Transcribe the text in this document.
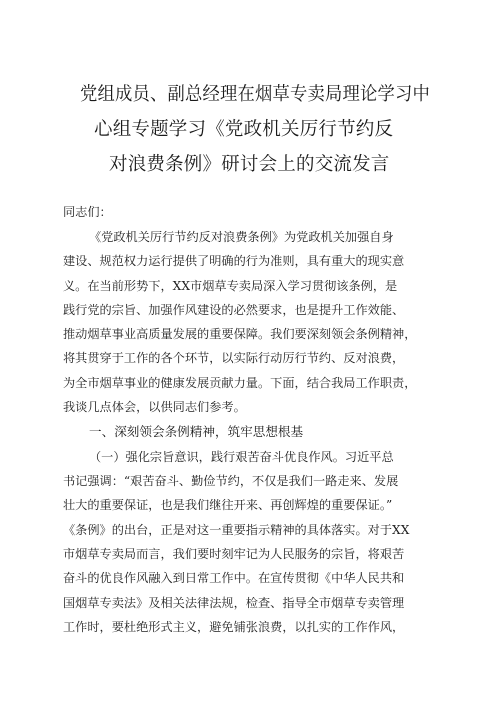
党组成员、副总经理在烟草专卖局理论学习中
心组专题学习《党政机关厉行节约反
对浪费条例》研讨会上的交流发言
同志们：
《党政机关厉行节约反对浪费条例》为党政机关加强自身
建设、规范权力运行提供了明确的行为准则，具有重大的现实意
义。在当前形势下，XX市烟草专卖局深入学习贯彻该条例，是
践行党的宗旨、加强作风建设的必然要求，也是提升工作效能、
推动烟草事业高质量发展的重要保障。我们要深刻领会条例精神，
将其贯穿于工作的各个环节，以实际行动厉行节约、反对浪费，
为全市烟草事业的健康发展贡献力量。下面，结合我局工作职责，
我谈几点体会，以供同志们参考。
一、深刻领会条例精神，筑牢思想根基
（一）强化宗旨意识，践行艰苦奋斗优良作风。习近平总
书记强调：“艰苦奋斗、勤俭节约，不仅是我们一路走来、发展
壮大的重要保证，也是我们继往开来、再创辉煌的重要保证。”
《条例》的出台，正是对这一重要指示精神的具体落实。对于XX
市烟草专卖局而言，我们要时刻牢记为人民服务的宗旨，将艰苦
奋斗的优良作风融入到日常工作中。在宣传贯彻《中华人民共和
国烟草专卖法》及相关法律法规，检查、指导全市烟草专卖管理
工作时，要杜绝形式主义，避免铺张浪费，以扎实的工作作风，
